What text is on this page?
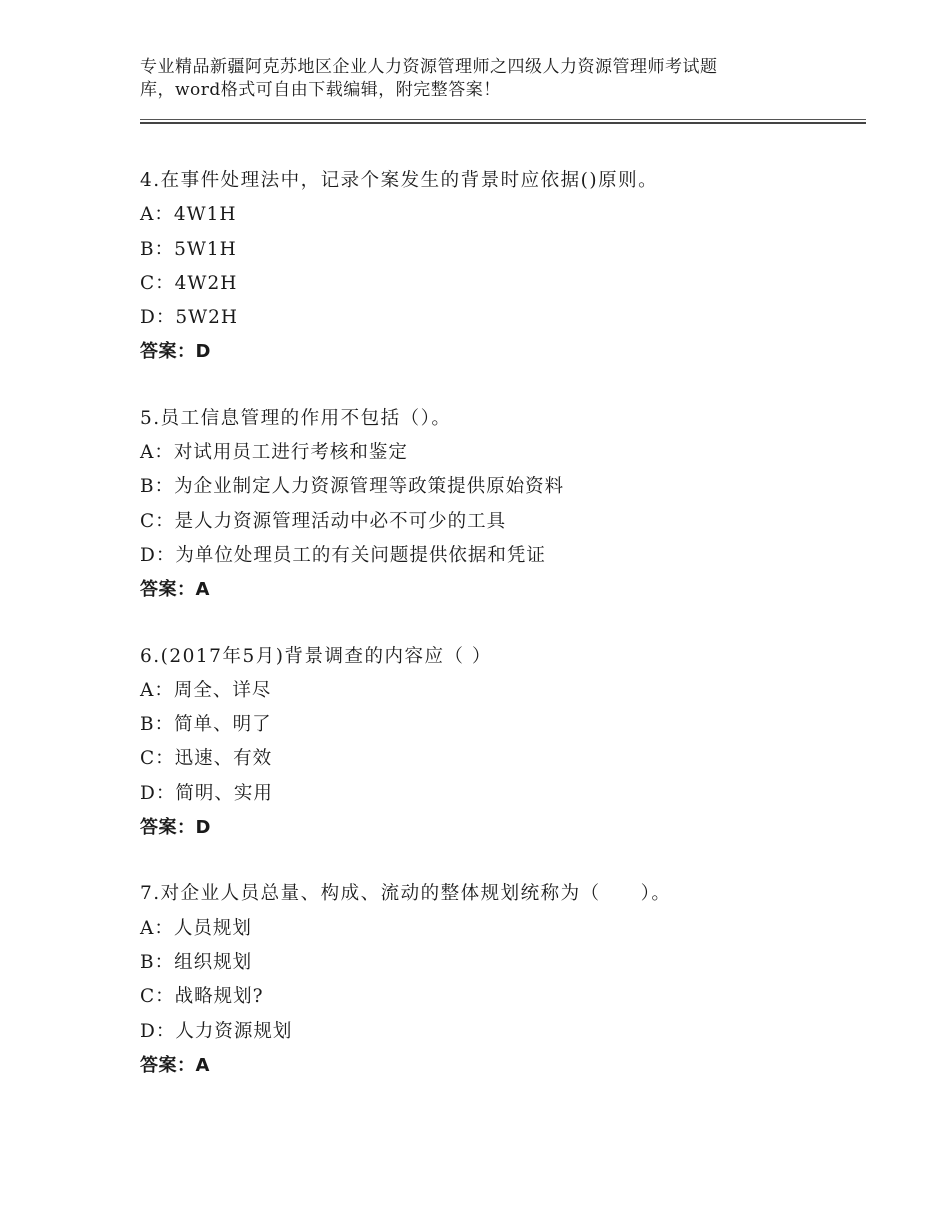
专业精品新疆阿克苏地区企业人力资源管理师之四级人力资源管理师考试题
库，word格式可自由下载编辑，附完整答案！
4.在事件处理法中，记录个案发生的背景时应依据()原则。
A：4W1H
B：5W1H
C：4W2H
D：5W2H
答案：D
5.员工信息管理的作用不包括（）。
A：对试用员工进行考核和鉴定
B：为企业制定人力资源管理等政策提供原始资料
C：是人力资源管理活动中必不可少的工具
D：为单位处理员工的有关问题提供依据和凭证
答案：A
6.(2017年5月)背景调查的内容应（ ）
A：周全、详尽
B：简单、明了
C：迅速、有效
D：简明、实用
答案：D
7.对企业人员总量、构成、流动的整体规划统称为（　　）。
A：人员规划
B：组织规划
C：战略规划?
D：人力资源规划
答案：A
